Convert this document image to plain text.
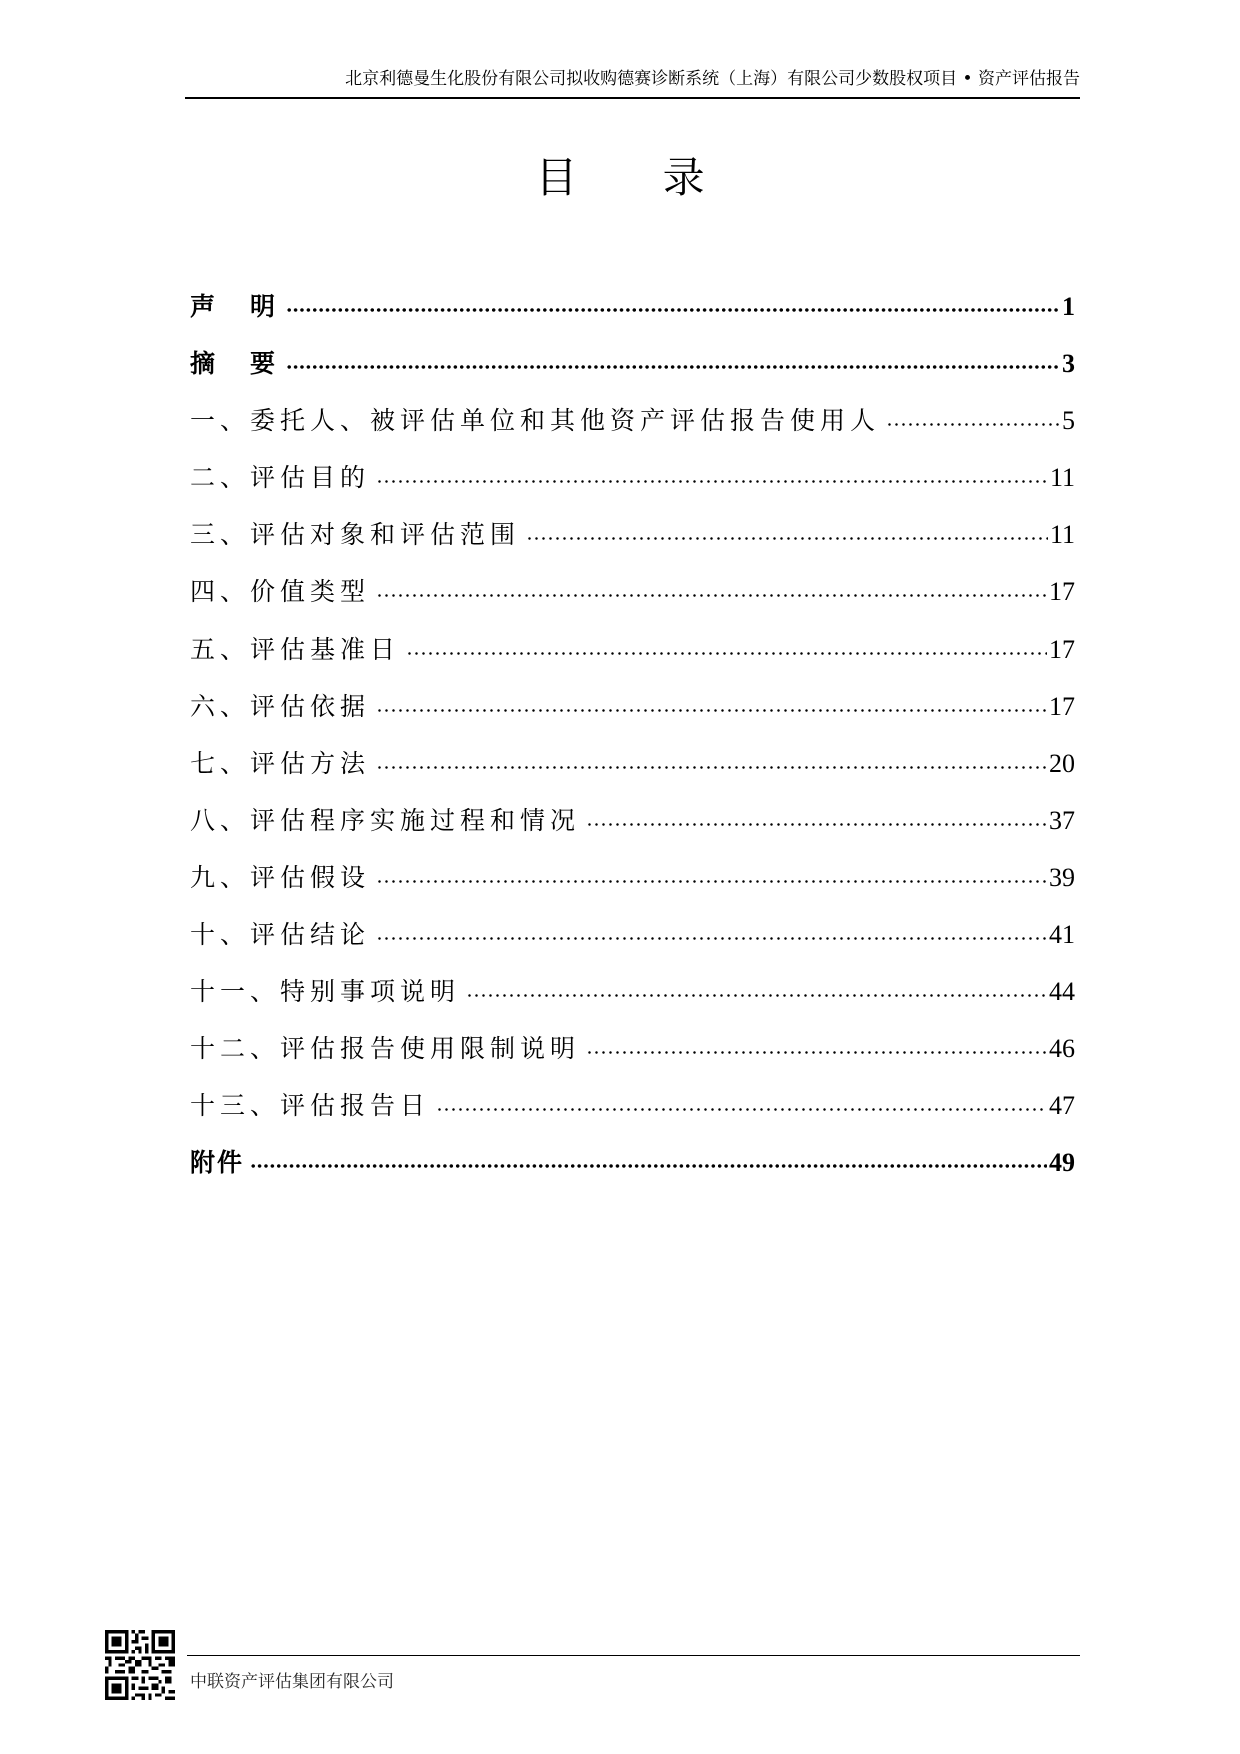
北京利德曼生化股份有限公司拟收购德赛诊断系统（上海）有限公司少数股权项目 • 资产评估报告
目 录
声　明	1
摘　要	3
一、委托人、被评估单位和其他资产评估报告使用人	5
二、评估目的	11
三、评估对象和评估范围	11
四、价值类型	17
五、评估基准日	17
六、评估依据	17
七、评估方法	20
八、评估程序实施过程和情况	37
九、评估假设	39
十、评估结论	41
十一、特别事项说明	44
十二、评估报告使用限制说明	46
十三、评估报告日	47
附件	49
中联资产评估集团有限公司
